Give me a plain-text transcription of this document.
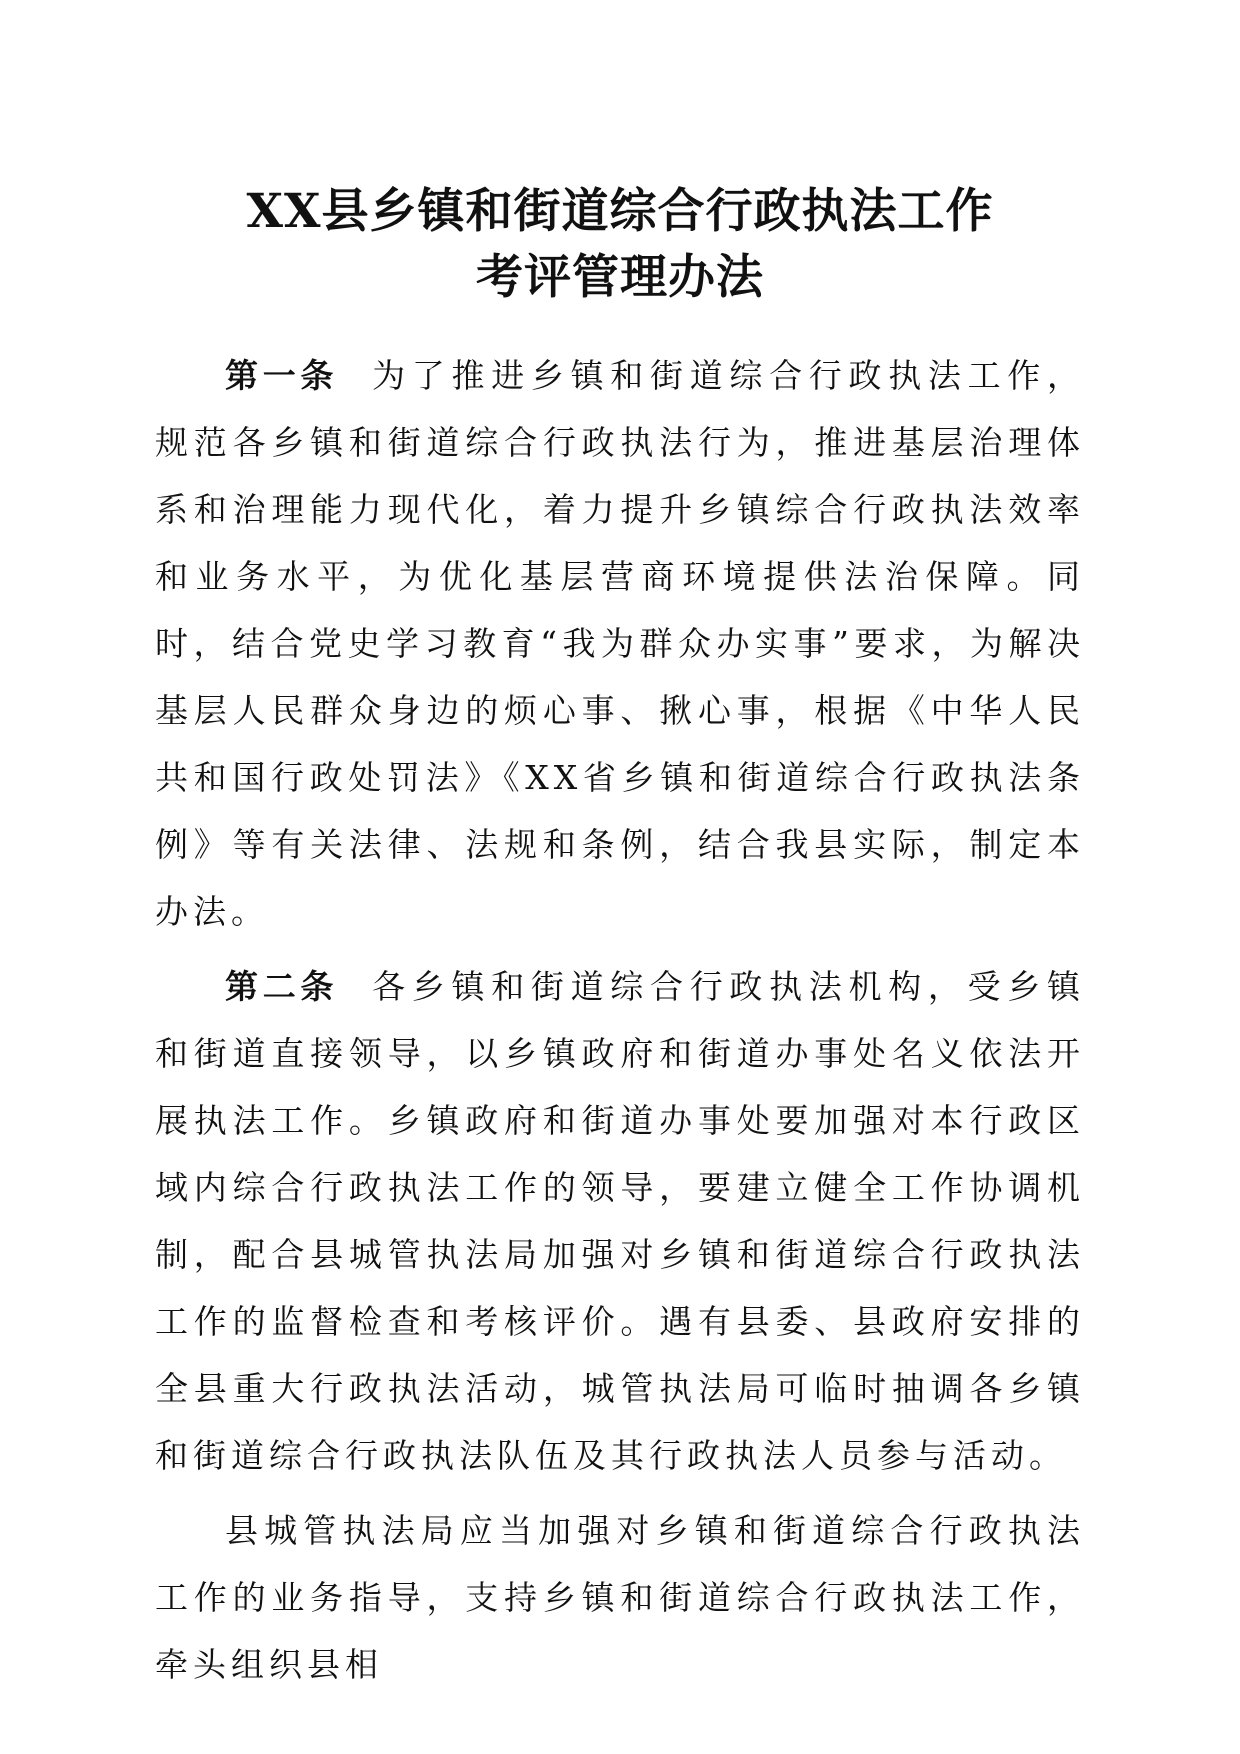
XX县乡镇和街道综合行政执法工作
考评管理办法

第一条 为了推进乡镇和街道综合行政执法工作，规范各乡镇和街道综合行政执法行为，推进基层治理体系和治理能力现代化，着力提升乡镇综合行政执法效率和业务水平，为优化基层营商环境提供法治保障。同时，结合党史学习教育“我为群众办实事”要求，为解决基层人民群众身边的烦心事、揪心事，根据《中华人民共和国行政处罚法》《XX省乡镇和街道综合行政执法条例》等有关法律、法规和条例，结合我县实际，制定本办法。

第二条 各乡镇和街道综合行政执法机构，受乡镇和街道直接领导，以乡镇政府和街道办事处名义依法开展执法工作。乡镇政府和街道办事处要加强对本行政区域内综合行政执法工作的领导，要建立健全工作协调机制，配合县城管执法局加强对乡镇和街道综合行政执法工作的监督检查和考核评价。遇有县委、县政府安排的全县重大行政执法活动，城管执法局可临时抽调各乡镇和街道综合行政执法队伍及其行政执法人员参与活动。

县城管执法局应当加强对乡镇和街道综合行政执法工作的业务指导，支持乡镇和街道综合行政执法工作，牵头组织县相
